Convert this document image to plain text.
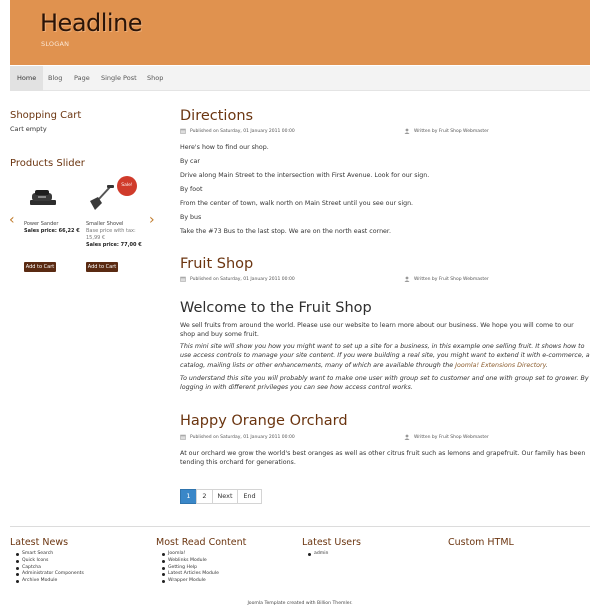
Headline
SLOGAN
Home	Blog	Page	Single Post	Shop
Shopping Cart
Cart empty
Products Slider
‹	›
Power Sander
Sales price: 66,22 €
Add to Cart
Sale!
Smaller Shovel
Base price with tax:
15,99 €
Sales price: 77,00 €
Add to Cart
Directions
Published on Saturday, 01 January 2011 00:00	Written by Fruit Shop Webmaster
Here's how to find our shop.
By car
Drive along Main Street to the intersection with First Avenue. Look for our sign.
By foot
From the center of town, walk north on Main Street until you see our sign.
By bus
Take the #73 Bus to the last stop. We are on the north east corner.
Fruit Shop
Published on Saturday, 01 January 2011 00:00	Written by Fruit Shop Webmaster
Welcome to the Fruit Shop
We sell fruits from around the world. Please use our website to learn more about our business. We hope you will come to our shop and buy some fruit.
This mini site will show you how you might want to set up a site for a business, in this example one selling fruit. It shows how to use access controls to manage your site content. If you were building a real site, you might want to extend it with e-commerce, a catalog, mailing lists or other enhancements, many of which are available through the Joomla! Extensions Directory.
To understand this site you will probably want to make one user with group set to customer and one with group set to grower. By logging in with different privileges you can see how access control works.
Happy Orange Orchard
Published on Saturday, 01 January 2011 00:00	Written by Fruit Shop Webmaster
At our orchard we grow the world's best oranges as well as other citrus fruit such as lemons and grapefruit. Our family has been tending this orchard for generations.
1	2	Next	End
Latest News
Smart Search
Quick Icons
Captcha
Administrator Components
Archive Module
Most Read Content
Joomla!
Weblinks Module
Getting Help
Latest Articles Module
Wrapper Module
Latest Users
admin
Custom HTML
Joomla Template created with Billion Themler.
